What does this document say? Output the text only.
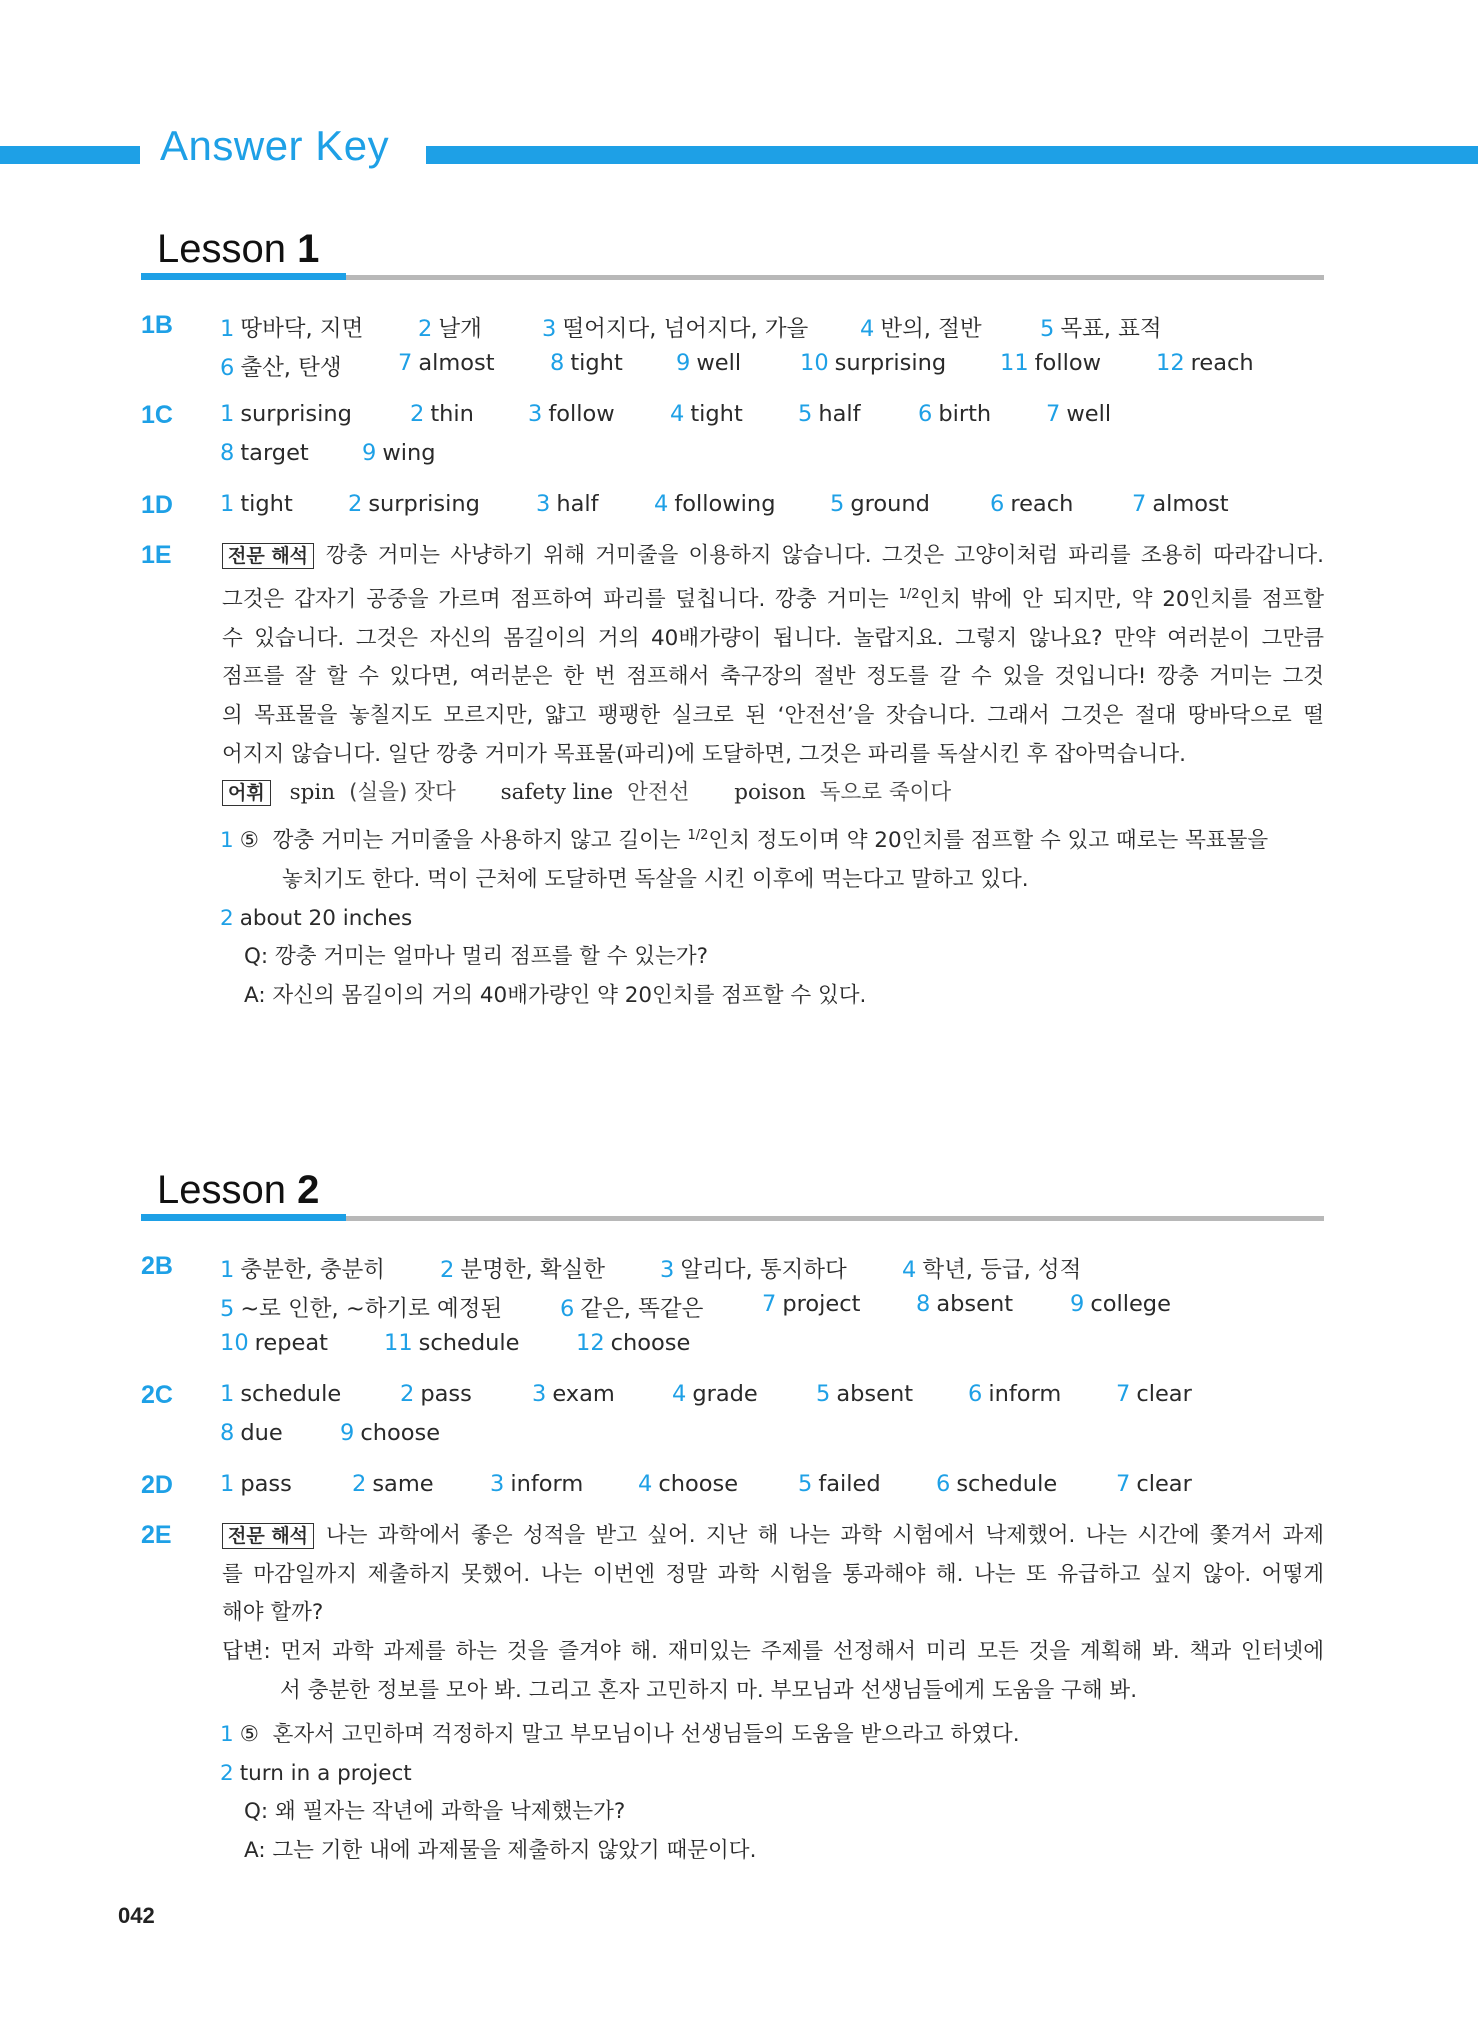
Answer Key
Lesson 1
1B 1 땅바닥, 지면 2 날개	3 떨어지다, 넘어지다, 가을 4 반의, 절반	5 목표, 표적
6 출산, 탄생	7 almost 8 tight 9 well	10 surprising 11 follow 12 reach
1C 1 surprising	2 thin 3 follow 4 tight 5 half	6 birth 7 well
8 target 9 wing
1D 1 tight 2 surprising 3 half 4 following 5 ground	6 reach	7 almost
1E	전문 해석 깡충 거미는 사냥하기 위해 거미줄을 이용하지 않습니다. 그것은 고양이처럼 파리를 조용히 따라갑니다.
그것은 갑자기 공중을 가르며 점프하여 파리를 덮칩니다. 깡충 거미는 $^{1/2}$인치 밖에 안 되지만, 약 20인치를 점프할
수 있습니다. 그것은 자신의 몸길이의 거의 40배가량이 됩니다. 놀랍지요. 그렇지 않나요? 만약 여러분이 그만큼
점프를 잘 할 수 있다면, 여러분은 한 번 점프해서 축구장의 절반 정도를 갈 수 있을 것입니다! 깡충 거미는 그것
의 목표물을 놓칠지도 모르지만, 얇고 팽팽한 실크로 된 ‘안전선’을 잣습니다. 그래서 그것은 절대 땅바닥으로 떨
어지지 않습니다. 일단 깡충 거미가 목표물(파리)에 도달하면, 그것은 파리를 독살시킨 후 잡아먹습니다.
어휘 spin (실을) 잣다 safety line 안전선 poison 독으로 죽이다
1 ⑤ 깡충 거미는 거미줄을 사용하지 않고 길이는 $^{1/2}$인치 정도이며 약 20인치를 점프할 수 있고 때로는 목표물을
놓치기도 한다. 먹이 근처에 도달하면 독살을 시킨 이후에 먹는다고 말하고 있다.
2 about 20 inches
Q: 깡충 거미는 얼마나 멀리 점프를 할 수 있는가?
A: 자신의 몸길이의 거의 40배가량인 약 20인치를 점프할 수 있다.
Lesson 2
2B 1 충분한, 충분히 2 분명한, 확실한 3 알리다, 통지하다 4 학년, 등급, 성적
5 ~로 인한, ~하기로 예정된	6 같은, 똑같은	7 project 8 absent	9 college
10 repeat 11 schedule	12 choose
2C 1 schedule	2 pass	3 exam	4 grade	5 absent 6 inform 7 clear
8 due	9 choose
2D 1 pass	2 same	3 inform 4 choose	5 failed 6 schedule	7 clear
2E	전문 해석 나는 과학에서 좋은 성적을 받고 싶어. 지난 해 나는 과학 시험에서 낙제했어. 나는 시간에 쫓겨서 과제
를 마감일까지 제출하지 못했어. 나는 이번엔 정말 과학 시험을 통과해야 해. 나는 또 유급하고 싶지 않아. 어떻게
해야 할까?
답변: 먼저 과학 과제를 하는 것을 즐겨야 해. 재미있는 주제를 선정해서 미리 모든 것을 계획해 봐. 책과 인터넷에
서 충분한 정보를 모아 봐. 그리고 혼자 고민하지 마. 부모님과 선생님들에게 도움을 구해 봐.
1 ⑤ 혼자서 고민하며 걱정하지 말고 부모님이나 선생님들의 도움을 받으라고 하였다.
2 turn in a project
Q: 왜 필자는 작년에 과학을 낙제했는가?
A: 그는 기한 내에 과제물을 제출하지 않았기 때문이다.
042
